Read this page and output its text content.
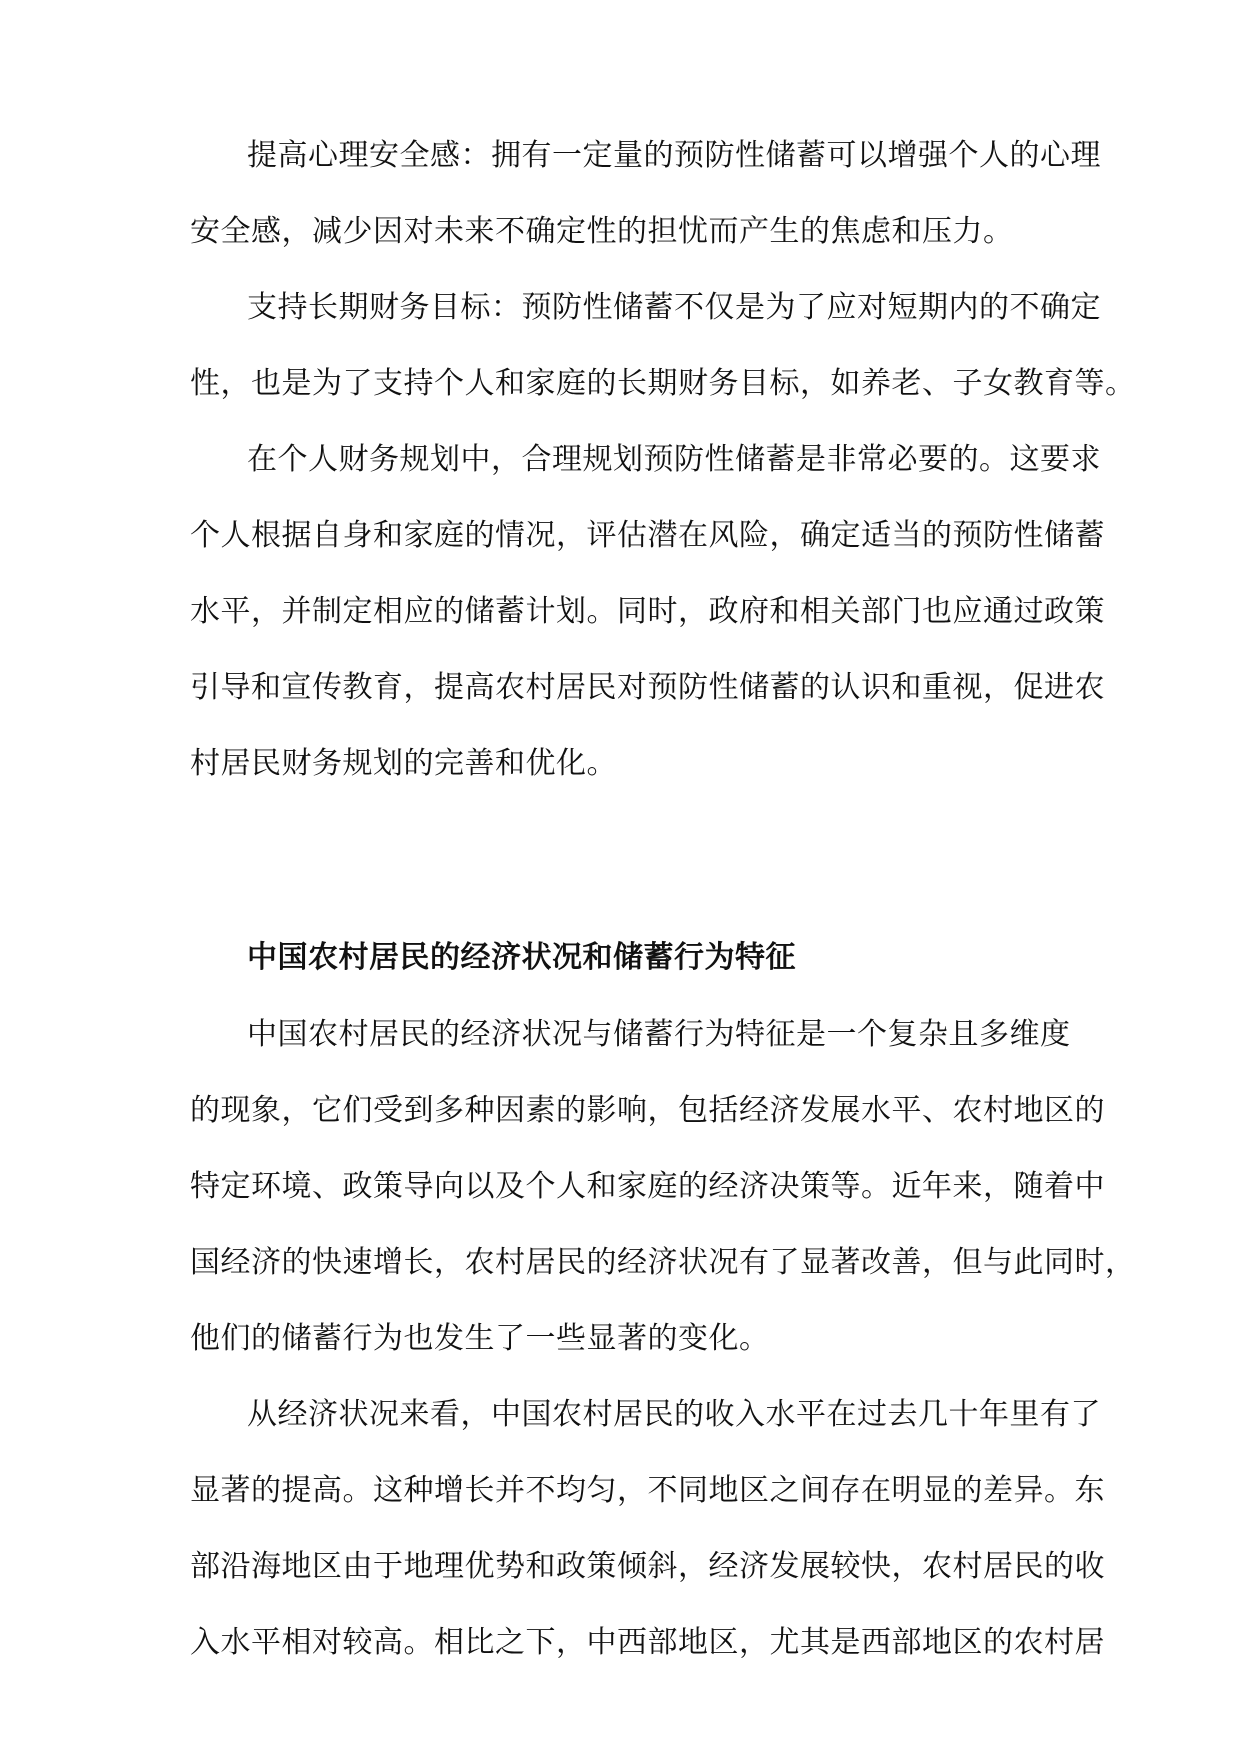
提高心理安全感：拥有一定量的预防性储蓄可以增强个人的心理
安全感，减少因对未来不确定性的担忧而产生的焦虑和压力。
支持长期财务目标：预防性储蓄不仅是为了应对短期内的不确定
性，也是为了支持个人和家庭的长期财务目标，如养老、子女教育等。
在个人财务规划中，合理规划预防性储蓄是非常必要的。这要求
个人根据自身和家庭的情况，评估潜在风险，确定适当的预防性储蓄
水平，并制定相应的储蓄计划。同时，政府和相关部门也应通过政策
引导和宣传教育，提高农村居民对预防性储蓄的认识和重视，促进农
村居民财务规划的完善和优化。
中国农村居民的经济状况和储蓄行为特征
中国农村居民的经济状况与储蓄行为特征是一个复杂且多维度
的现象，它们受到多种因素的影响，包括经济发展水平、农村地区的
特定环境、政策导向以及个人和家庭的经济决策等。近年来，随着中
国经济的快速增长，农村居民的经济状况有了显著改善，但与此同时，
他们的储蓄行为也发生了一些显著的变化。
从经济状况来看，中国农村居民的收入水平在过去几十年里有了
显著的提高。这种增长并不均匀，不同地区之间存在明显的差异。东
部沿海地区由于地理优势和政策倾斜，经济发展较快，农村居民的收
入水平相对较高。相比之下，中西部地区，尤其是西部地区的农村居
